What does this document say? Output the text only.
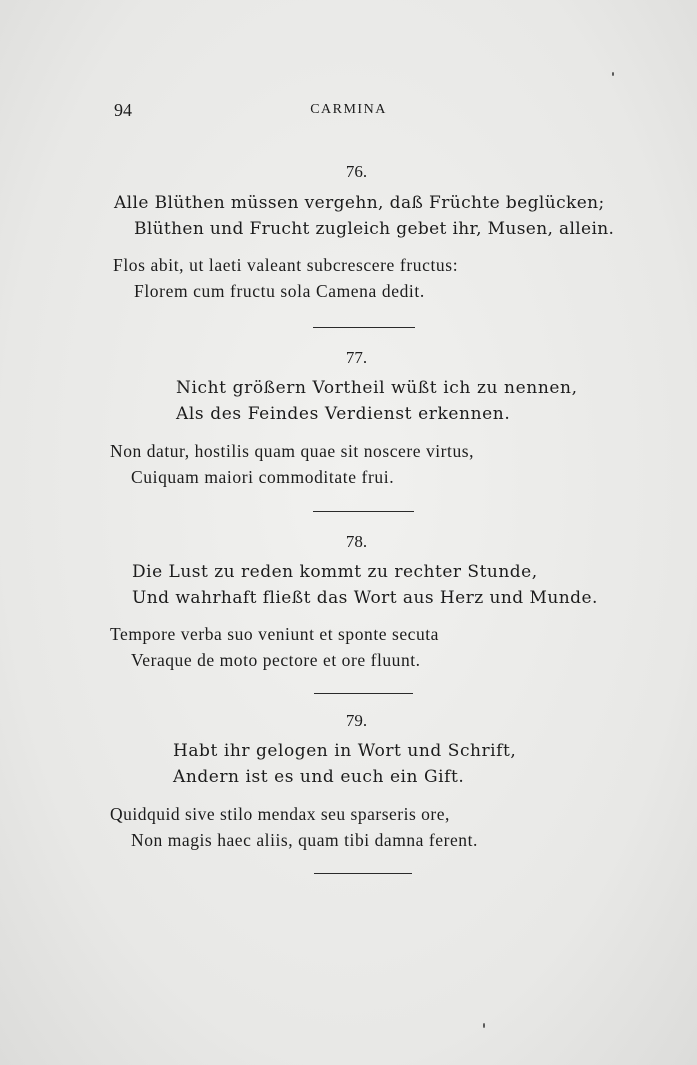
94	CARMINA
76.
Alle Blüthen müssen vergehn, daß Früchte beglücken;
Blüthen und Frucht zugleich gebet ihr, Musen, allein.
Flos abit, ut laeti valeant subcrescere fructus:
Florem cum fructu sola Camena dedit.
77.
Nicht größern Vortheil wüßt ich zu nennen,
Als des Feindes Verdienst erkennen.
Non datur, hostilis quam quae sit noscere virtus,
Cuiquam maiori commoditate frui.
78.
Die Lust zu reden kommt zu rechter Stunde,
Und wahrhaft fließt das Wort aus Herz und Munde.
Tempore verba suo veniunt et sponte secuta
Veraque de moto pectore et ore fluunt.
79.
Habt ihr gelogen in Wort und Schrift,
Andern ist es und euch ein Gift.
Quidquid sive stilo mendax seu sparseris ore,
Non magis haec aliis, quam tibi damna ferent.
